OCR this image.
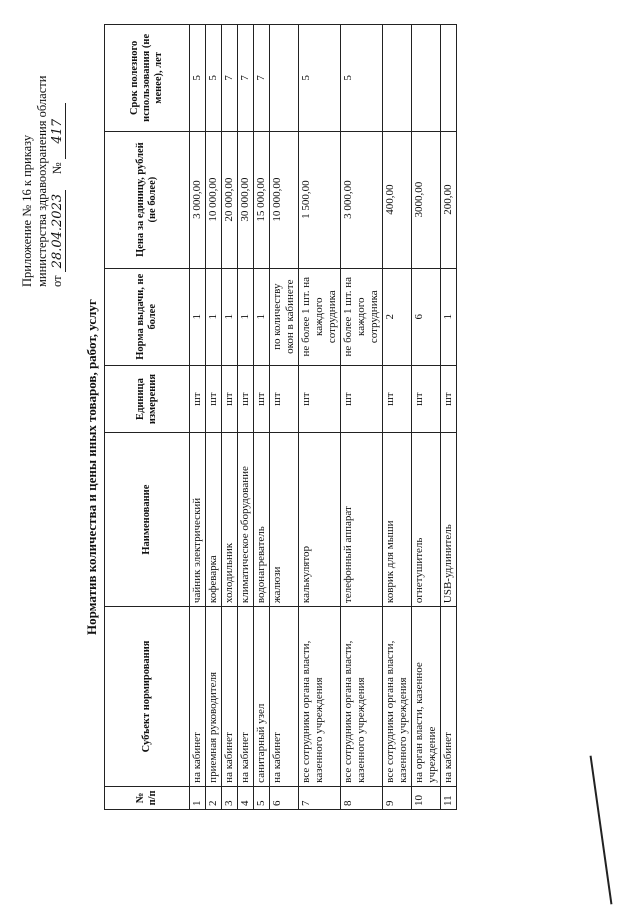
Приложение № 16 к приказу министерства здравоохранения области от 28.04.2023     № 417
Норматив количества и цены иных товаров, работ, услуг
№ п/п	Субъект нормирования	Наименование	Единица измерения	Норма выдачи, не более	Цена за единицу, рублей (не более)	Срок полезного использования (не менее), лет
1	на кабинет	чайник электрический	шт	1	3 000,00	5
2	приемная руководителя	кофеварка	шт	1	10 000,00	5
3	на кабинет	холодильник	шт	1	20 000,00	7
4	на кабинет	климатическое оборудование	шт	1	30 000,00	7
5	санитарный узел	водонагреватель	шт	1	15 000,00	7
6	на кабинет	жалюзи	шт	по количеству окон в кабинете	10 000,00	
7	все сотрудники органа власти, казенного учреждения	калькулятор	шт	не более 1 шт. на каждого сотрудника	1 500,00	5
8	все сотрудники органа власти, казенного учреждения	телефонный аппарат	шт	не более 1 шт. на каждого сотрудника	3 000,00	5
9	все сотрудники органа власти, казенного учреждения	коврик для мыши	шт	2	400,00	
10	на орган власти, казенное учреждение	огнетушитель	шт	6	3000,00	
11	на кабинет	USB-удлинитель	шт	1	200,00	
